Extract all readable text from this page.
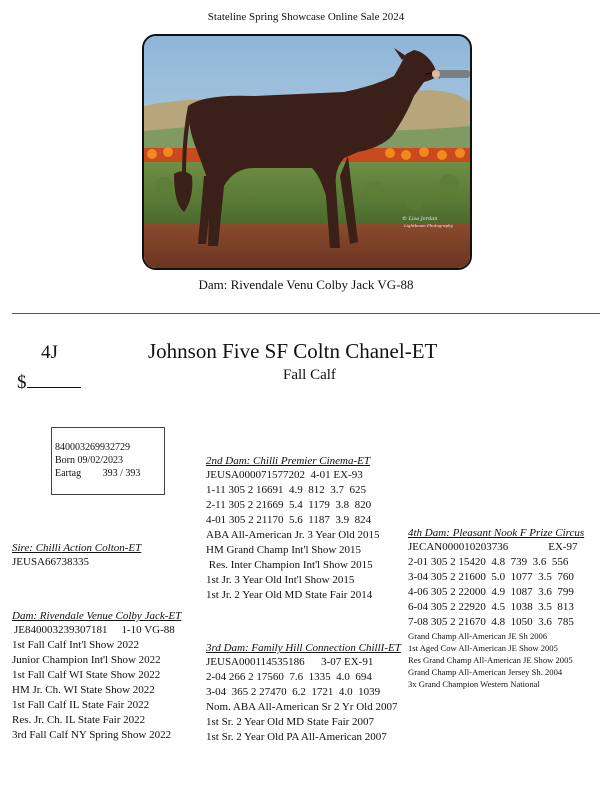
Stateline Spring Showcase Online Sale 2024
© Lisa Jordan
Lightbeam Photography
Dam: Rivendale Venu Colby Jack VG-88
4J
$
Johnson Five SF Coltn Chanel-ET
Fall Calf
840003269932729
Born 09/02/2023
Eartag 393 / 393
Sire: Chilli Action Colton-ET
JEUSA66738335
Dam: Rivendale Venue Colby Jack-ET
JE840003239307181 1-10 VG-88
1st Fall Calf Int'l Show 2022
Junior Champion Int'l Show 2022
1st Fall Calf WI State Show 2022
HM Jr. Ch. WI State Show 2022
1st Fall Calf IL State Fair 2022
Res. Jr. Ch. IL State Fair 2022
3rd Fall Calf NY Spring Show 2022
2nd Dam: Chilli Premier Cinema-ET
JEUSA000071577202  4-01 EX-93
1-11 305 2 16691  4.9  812  3.7  625
2-11 305 2 21669  5.4  1179  3.8  820
4-01 305 2 21170  5.6  1187  3.9  824
ABA All-American Jr. 3 Year Old 2015
HM Grand Champ Int'l Show 2015
Res. Inter Champion Int'l Show 2015
1st Jr. 3 Year Old Int'l Show 2015
1st Jr. 2 Year Old MD State Fair 2014
3rd Dam: Family Hill Connection ChillI-ET
JEUSA000114535186      3-07 EX-91
2-04 266 2 17560  7.6  1335  4.0  694
3-04  365 2 27470  6.2  1721  4.0  1039
Nom. ABA All-American Sr 2 Yr Old 2007
1st Sr. 2 Year Old MD State Fair 2007
1st Sr. 2 Year Old PA All-American 2007
4th Dam: Pleasant Nook F Prize Circus
JECAN000010203736	EX-97
2-01 305 2 15420  4.8  739  3.6  556
3-04 305 2 21600  5.0  1077  3.5  760
4-06 305 2 22000  4.9  1087  3.6  799
6-04 305 2 22920  4.5  1038  3.5  813
7-08 305 2 21670  4.8  1050  3.6  785
Grand Champ All-American JE Sh 2006
1st Aged Cow All-American JE Show 2005
Res Grand Champ All-American JE Show 2005
Grand Champ All-American Jersey Sh. 2004
3x Grand Champion Western National
